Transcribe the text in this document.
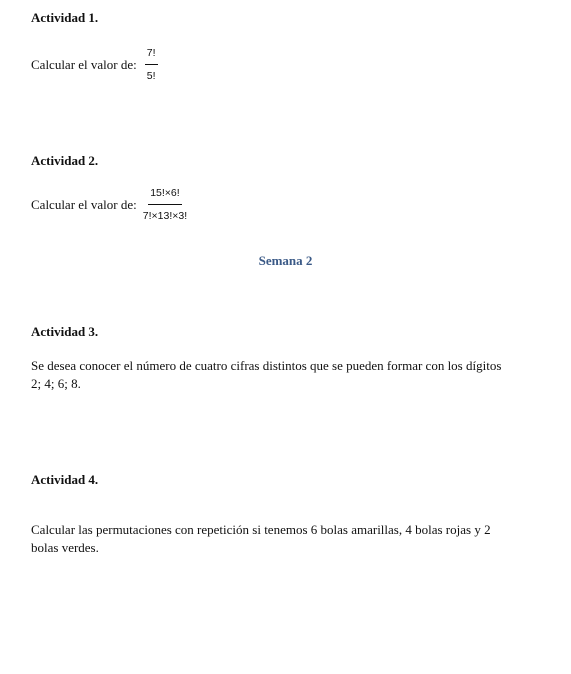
Actividad 1.
Calcular el valor de: $\frac{7!}{5!}$
Actividad 2.
Calcular el valor de: $\frac{15!\times 6!}{7!\times 13!\times 3!}$
Semana 2
Actividad 3.
Se desea conocer el número de cuatro cifras distintos que se pueden formar con los dígitos
2; 4; 6; 8.
Actividad 4.
Calcular las permutaciones con repetición si tenemos 6 bolas amarillas, 4 bolas rojas y 2
bolas verdes.
